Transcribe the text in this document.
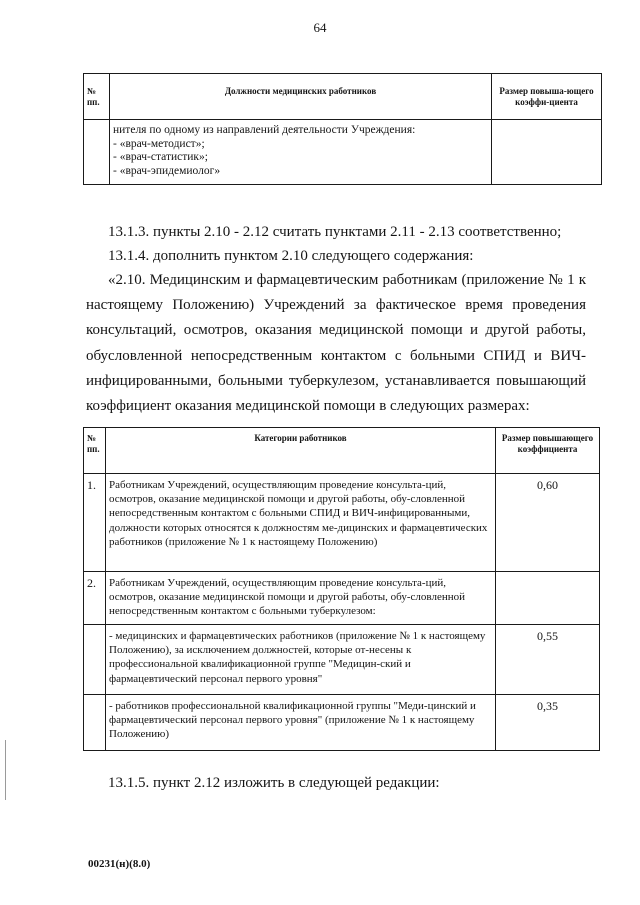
64
№ пп.	Должности медицинских работников	Размер повыша-ющего коэффи-циента

	нителя по одному из направлений деятельности Учреждения:
- «врач-методист»;
- «врач-статистик»;
- «врач-эпидемиолог»	

13.1.3. пункты 2.10 - 2.12 считать пунктами 2.11 - 2.13 соответственно;
13.1.4. дополнить пунктом 2.10 следующего содержания:
«2.10. Медицинским и фармацевтическим работникам (приложение № 1 к настоящему Положению) Учреждений за фактическое время проведения консультаций, осмотров, оказания медицинской помощи и другой работы, обусловленной непосредственным контактом с больными СПИД и ВИЧ-инфицированными, больными туберкулезом, устанавливается повышающий коэффициент оказания медицинской помощи в следующих размерах:
№ пп.	Категории работников	Размер повышающего коэффициента
1.	Работникам Учреждений, осуществляющим проведение консульта-ций, осмотров, оказание медицинской помощи и другой работы, обу-словленной непосредственным контактом с больными СПИД и ВИЧ-инфицированными, должности которых относятся к должностям ме-дицинских и фармацевтических работников (приложение № 1 к настоящему Положению)	0,60
2.	Работникам Учреждений, осуществляющим проведение консульта-ций, осмотров, оказание медицинской помощи и другой работы, обу-словленной непосредственным контактом с больными туберкулезом:	
	- медицинских и фармацевтических работников (приложение № 1 к настоящему Положению), за исключением должностей, которые от-несены к профессиональной квалификационной группе "Медицин-ский и фармацевтический персонал первого уровня"	0,55
	- работников профессиональной квалификационной группы "Меди-цинский и фармацевтический персонал первого уровня" (приложение № 1 к настоящему Положению)	0,35
13.1.5. пункт 2.12 изложить в следующей редакции:
00231(н)(8.0)
